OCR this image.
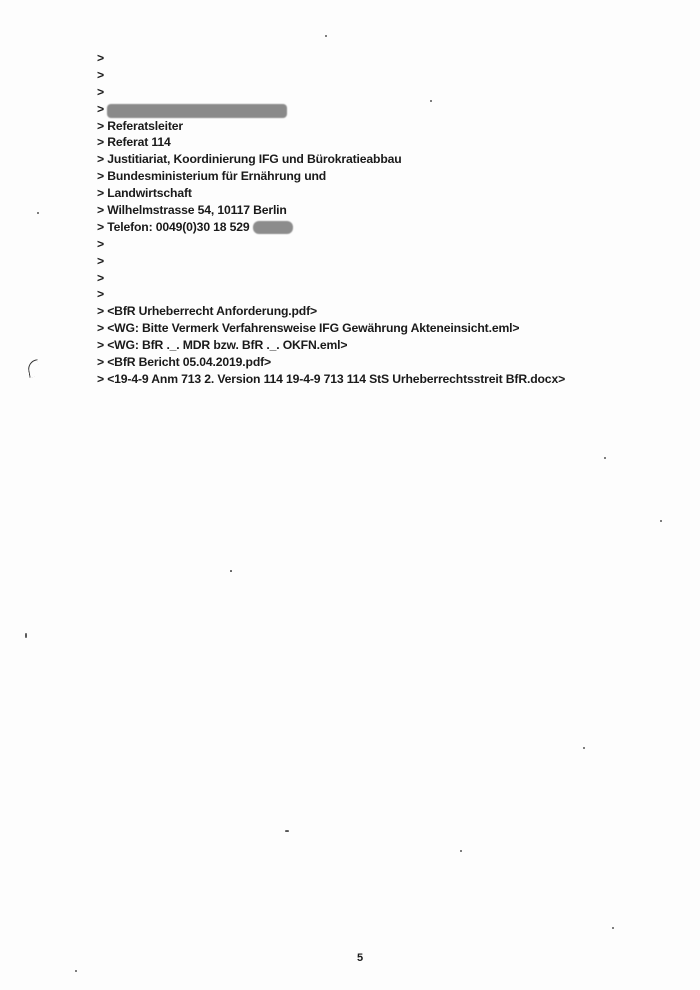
>
>
>
>
> Referatsleiter
> Referat 114
> Justitiariat, Koordinierung IFG und Bürokratieabbau
> Bundesministerium für Ernährung und
> Landwirtschaft
> Wilhelmstrasse 54, 10117 Berlin
> Telefon: 0049(0)30 18 529
>
>
>
>
> <BfR Urheberrecht Anforderung.pdf>
> <WG: Bitte Vermerk Verfahrensweise IFG Gewährung Akteneinsicht.eml>
> <WG: BfR ._. MDR bzw. BfR ._. OKFN.eml>
> <BfR Bericht 05.04.2019.pdf>
> <19-4-9 Anm 713 2. Version 114 19-4-9 713 114 StS Urheberrechtsstreit BfR.docx>
5
